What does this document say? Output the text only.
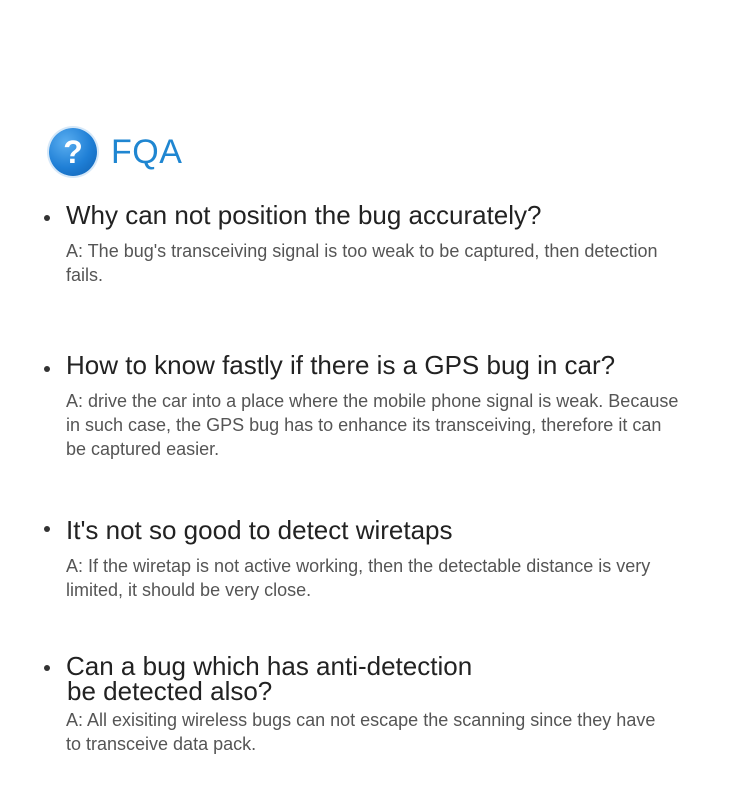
? FQA
Why can not position the bug accurately?
A: The bug's transceiving signal is too weak to be captured, then detection fails.
How to know fastly if there is a GPS bug in car?
A: drive the car into a place where the mobile phone signal is weak. Because in such case, the GPS bug has to enhance its transceiving, therefore it can be captured easier.
It's not so good to detect wiretaps
A: If the wiretap is not active working, then the detectable distance is very limited, it should be very close.
Can a bug which has anti-detection
be detected also?
A: All exisiting wireless bugs can not escape the scanning since they have to transceive data pack.
